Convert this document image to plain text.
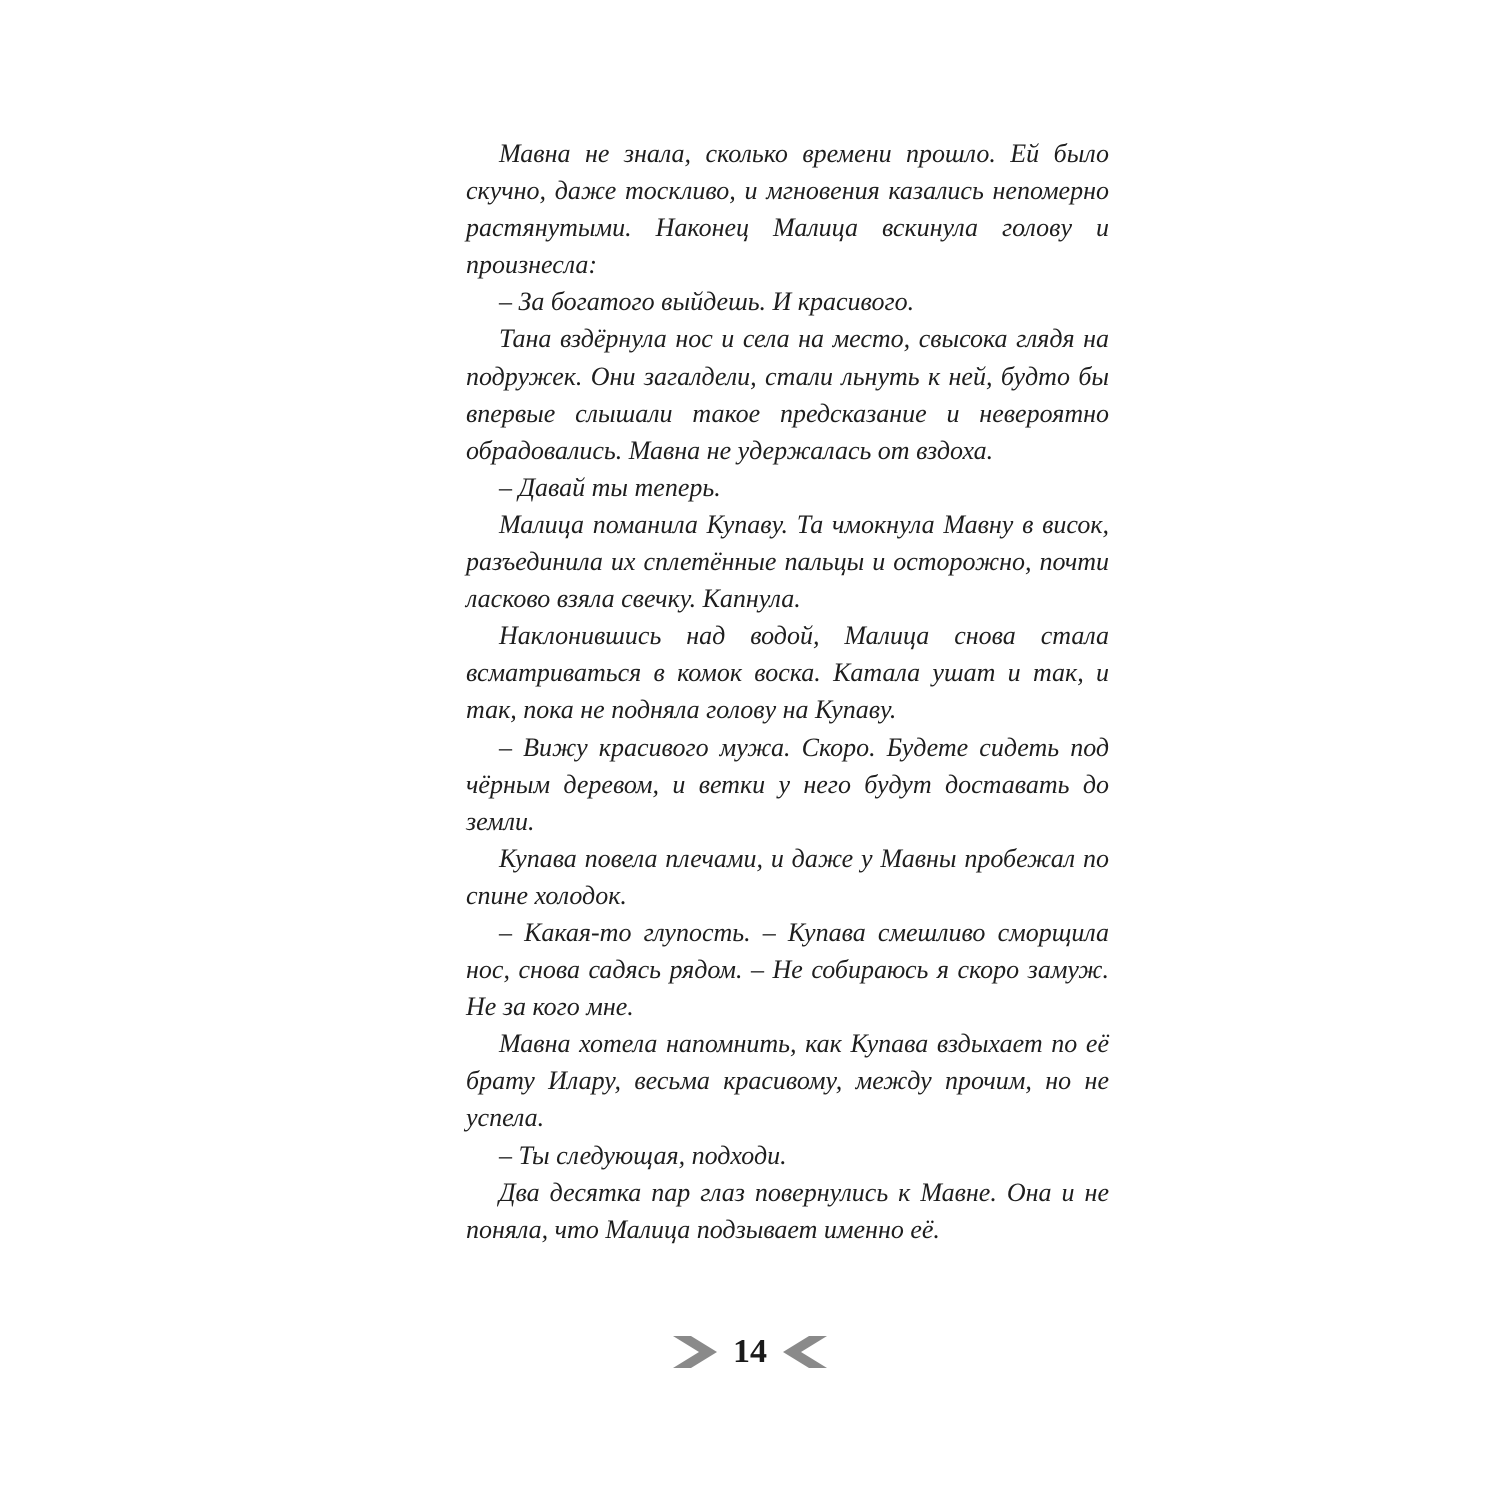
Мавна не знала, сколько времени прошло. Ей было скучно, даже тоскливо, и мгновения казались непомерно растянутыми. Наконец Малица вскинула голову и произнесла:

– За богатого выйдешь. И красивого.

Тана вздёрнула нос и села на место, свысока глядя на подружек. Они загалдели, стали льнуть к ней, будто бы впервые слышали такое предсказание и невероятно обрадовались. Мавна не удержалась от вздоха.

– Давай ты теперь.

Малица поманила Купаву. Та чмокнула Мавну в висок, разъединила их сплетённые пальцы и осторожно, почти ласково взяла свечку. Капнула.

Наклонившись над водой, Малица снова стала всматриваться в комок воска. Катала ушат и так, и так, пока не подняла голову на Купаву.

– Вижу красивого мужа. Скоро. Будете сидеть под чёрным деревом, и ветки у него будут доставать до земли.

Купава повела плечами, и даже у Мавны пробежал по спине холодок.

– Какая-то глупость. – Купава смешливо сморщила нос, снова садясь рядом. – Не собираюсь я скоро замуж. Не за кого мне.

Мавна хотела напомнить, как Купава вздыхает по её брату Илару, весьма красивому, между прочим, но не успела.

– Ты следующая, подходи.

Два десятка пар глаз повернулись к Мавне. Она и не поняла, что Малица подзывает именно её.

14
